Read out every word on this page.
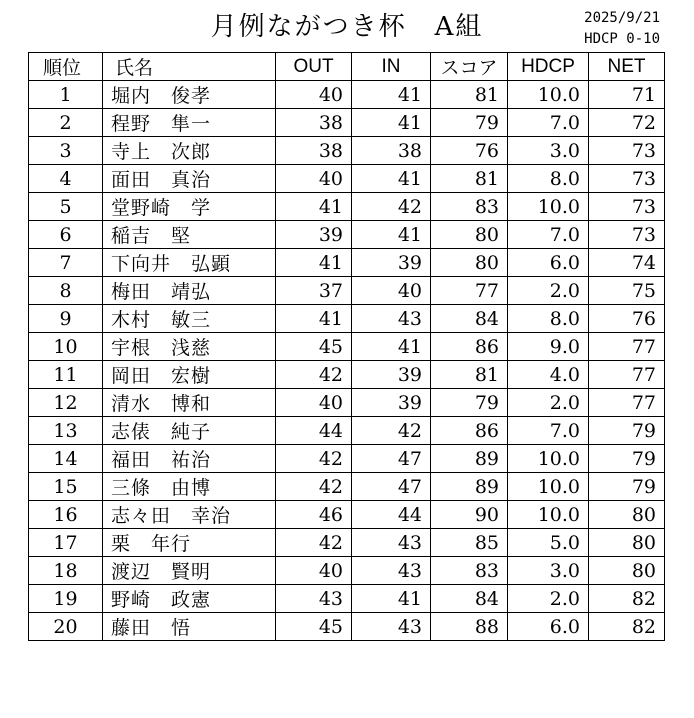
月例ながつき杯　A組	2025/9/21
HDCP 0-10
順位	氏名	OUT	IN	スコア	HDCP	NET
1	堀内　俊孝	40	41	81	10.0	71
2	程野　隼一	38	41	79	7.0	72
3	寺上　次郎	38	38	76	3.0	73
4	面田　真治	40	41	81	8.0	73
5	堂野崎　学	41	42	83	10.0	73
6	稲吉　堅	39	41	80	7.0	73
7	下向井　弘顕	41	39	80	6.0	74
8	梅田　靖弘	37	40	77	2.0	75
9	木村　敏三	41	43	84	8.0	76
10	宇根　浅慈	45	41	86	9.0	77
11	岡田　宏樹	42	39	81	4.0	77
12	清水　博和	40	39	79	2.0	77
13	志俵　純子	44	42	86	7.0	79
14	福田　祐治	42	47	89	10.0	79
15	三條　由博	42	47	89	10.0	79
16	志々田　幸治	46	44	90	10.0	80
17	栗　年行	42	43	85	5.0	80
18	渡辺　賢明	40	43	83	3.0	80
19	野崎　政憲	43	41	84	2.0	82
20	藤田　悟	45	43	88	6.0	82
